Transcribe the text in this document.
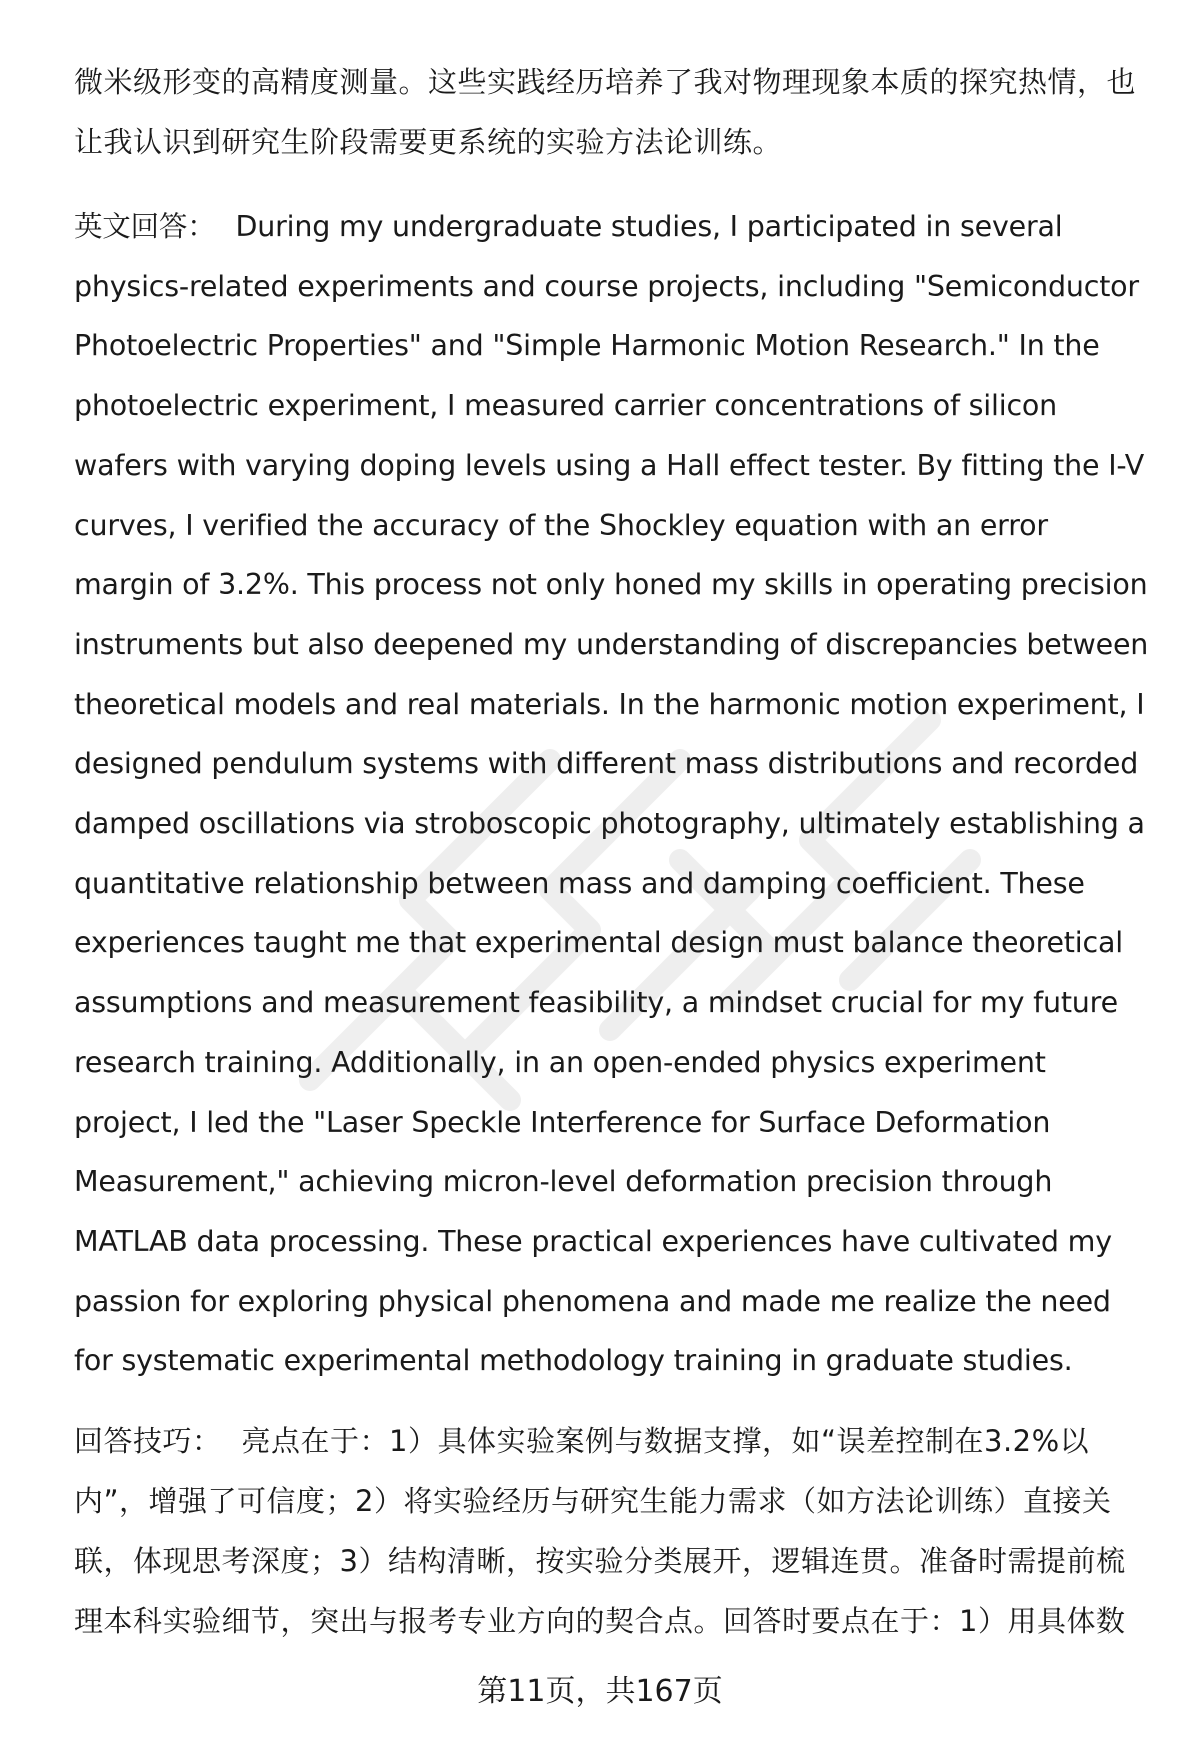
微米级形变的高精度测量。这些实践经历培养了我对物理现象本质的探究热情，也让我认识到研究生阶段需要更系统的实验方法论训练。

英文回答： During my undergraduate studies, I participated in several physics-related experiments and course projects, including "Semiconductor Photoelectric Properties" and "Simple Harmonic Motion Research." In the photoelectric experiment, I measured carrier concentrations of silicon wafers with varying doping levels using a Hall effect tester. By fitting the I-V curves, I verified the accuracy of the Shockley equation with an error margin of 3.2%. This process not only honed my skills in operating precision instruments but also deepened my understanding of discrepancies between theoretical models and real materials. In the harmonic motion experiment, I designed pendulum systems with different mass distributions and recorded damped oscillations via stroboscopic photography, ultimately establishing a quantitative relationship between mass and damping coefficient. These experiences taught me that experimental design must balance theoretical assumptions and measurement feasibility, a mindset crucial for my future research training. Additionally, in an open-ended physics experiment project, I led the "Laser Speckle Interference for Surface Deformation Measurement," achieving micron-level deformation precision through MATLAB data processing. These practical experiences have cultivated my passion for exploring physical phenomena and made me realize the need for systematic experimental methodology training in graduate studies.

回答技巧： 亮点在于：1）具体实验案例与数据支撑，如“误差控制在3.2%以内”，增强了可信度；2）将实验经历与研究生能力需求（如方法论训练）直接关联，体现思考深度；3）结构清晰，按实验分类展开，逻辑连贯。准备时需提前梳理本科实验细节，突出与报考专业方向的契合点。回答时要点在于：1）用具体数

第11页，共167页
